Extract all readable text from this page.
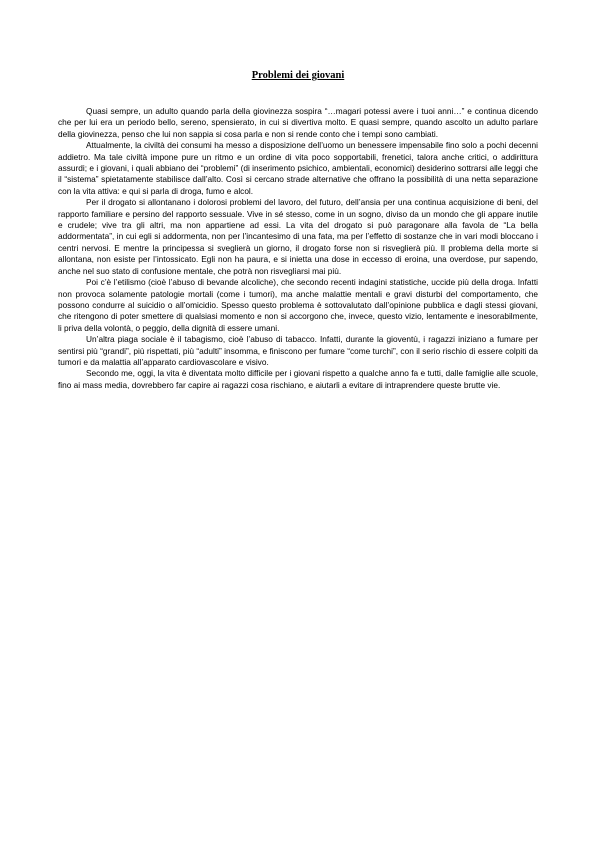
Problemi dei giovani

Quasi sempre, un adulto quando parla della giovinezza sospira “…magari potessi avere i tuoi anni…” e continua dicendo che per lui era un periodo bello, sereno, spensierato, in cui si divertiva molto. E quasi sempre, quando ascolto un adulto parlare della giovinezza, penso che lui non sappia si cosa parla e non si rende conto che i tempi sono cambiati.

Attualmente, la civiltà dei consumi ha messo a disposizione dell’uomo un benessere impensabile fino solo a pochi decenni addietro. Ma tale civiltà impone pure un ritmo e un ordine di vita poco sopportabili, frenetici, talora anche critici, o addirittura assurdi; e i giovani, i quali abbiano dei “problemi” (di inserimento psichico, ambientali, economici) desiderino sottrarsi alle leggi che il “sistema” spietatamente stabilisce dall’alto. Così si cercano strade alternative che offrano la possibilità di una netta separazione con la vita attiva: e qui si parla di droga, fumo e alcol.

Per il drogato si allontanano i dolorosi problemi del lavoro, del futuro, dell’ansia per una continua acquisizione di beni, del rapporto familiare e persino del rapporto sessuale. Vive in sé stesso, come in un sogno, diviso da un mondo che gli appare inutile e crudele; vive tra gli altri, ma non appartiene ad essi. La vita del drogato si può paragonare alla favola de “La bella addormentata”, in cui egli si addormenta, non per l’incantesimo di una fata, ma per l’effetto di sostanze che in vari modi bloccano i centri nervosi. E mentre la principessa si sveglierà un giorno, il drogato forse non si risveglierà più. Il problema della morte si allontana, non esiste per l’intossicato. Egli non ha paura, e si inietta una dose in eccesso di eroina, una overdose, pur sapendo, anche nel suo stato di confusione mentale, che potrà non risvegliarsi mai più.

Poi c’è l’etilismo (cioè l’abuso di bevande alcoliche), che secondo recenti indagini statistiche, uccide più della droga. Infatti non provoca solamente patologie mortali (come i tumori), ma anche malattie mentali e gravi disturbi del comportamento, che possono condurre al suicidio o all’omicidio. Spesso questo problema è sottovalutato dall’opinione pubblica e dagli stessi giovani, che ritengono di poter smettere di qualsiasi momento e non si accorgono che, invece, questo vizio, lentamente e inesorabilmente, li priva della volontà, o peggio, della dignità di essere umani.

Un’altra piaga sociale è il tabagismo, cioè l’abuso di tabacco. Infatti, durante la gioventù, i ragazzi iniziano a fumare per sentirsi più “grandi”, più rispettati, più “adulti” insomma, e finiscono per fumare “come turchi”, con il serio rischio di essere colpiti da tumori e da malattia all’apparato cardiovascolare e visivo.

Secondo me, oggi, la vita è diventata molto difficile per i giovani rispetto a qualche anno fa e tutti, dalle famiglie alle scuole, fino ai mass media, dovrebbero far capire ai ragazzi cosa rischiano, e aiutarli a evitare di intraprendere queste brutte vie.
